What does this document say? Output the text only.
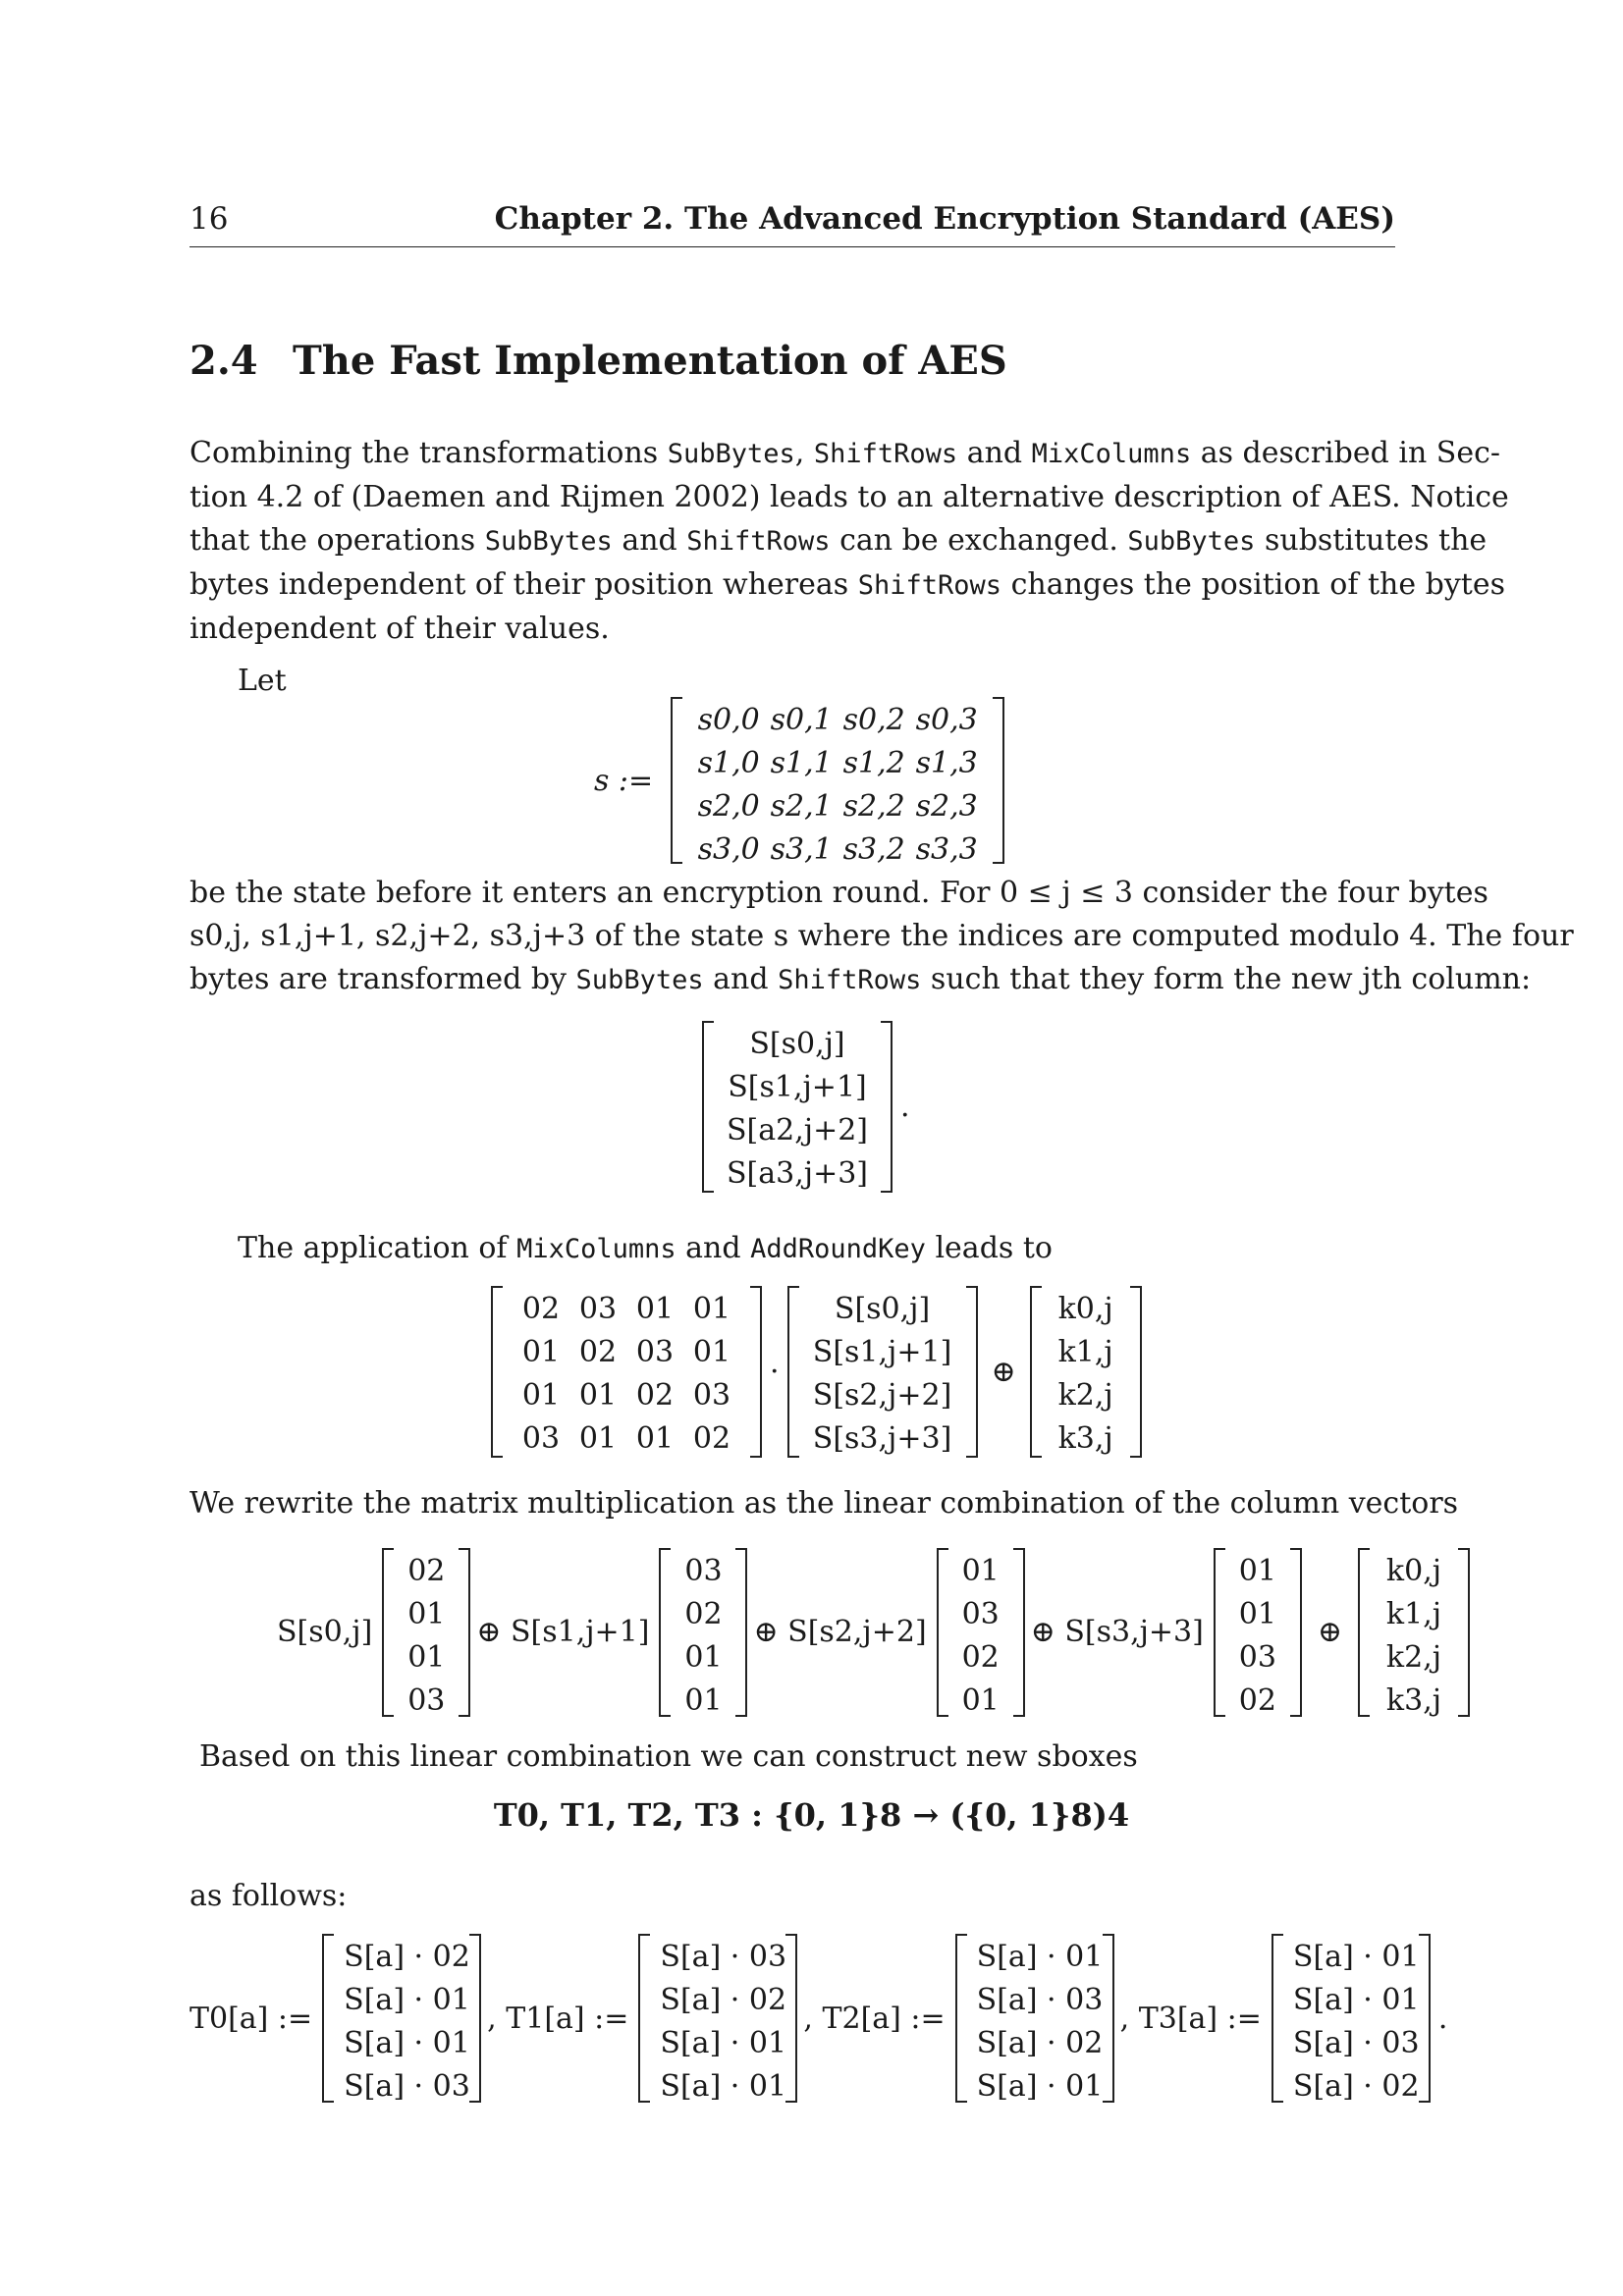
16	Chapter 2. The Advanced Encryption Standard (AES)
2.4 The Fast Implementation of AES
Combining the transformations SubBytes, ShiftRows and MixColumns as described in Sec-
tion 4.2 of (Daemen and Rijmen 2002) leads to an alternative description of AES. Notice
that the operations SubBytes and ShiftRows can be exchanged. SubBytes substitutes the
bytes independent of their position whereas ShiftRows changes the position of the bytes
independent of their values.
Let
s :=
s0,0 s0,1 s0,2 s0,3
s1,0 s1,1 s1,2 s1,3
s2,0 s2,1 s2,2 s2,3
s3,0 s3,1 s3,2 s3,3
be the state before it enters an encryption round. For 0 ≤ j ≤ 3 consider the four bytes
s0,j, s1,j+1, s2,j+2, s3,j+3 of the state s where the indices are computed modulo 4. The four
bytes are transformed by SubBytes and ShiftRows such that they form the new jth column:
S[s0,j]
S[s1,j+1]
S[a2,j+2]
S[a3,j+3]
.
The application of MixColumns and AddRoundKey leads to
02 03 01 01
01 02 03 01
01 01 02 03
03 01 01 02
·
S[s0,j]
S[s1,j+1]
S[s2,j+2]
S[s3,j+3]
⊕
k0,j
k1,j
k2,j
k3,j
We rewrite the matrix multiplication as the linear combination of the column vectors
S[s0,j]
02
01
01
03
⊕ S[s1,j+1]
03
02
01
01
⊕ S[s2,j+2]
01
03
02
01
⊕ S[s3,j+3]
01
01
03
02
⊕
k0,j
k1,j
k2,j
k3,j
Based on this linear combination we can construct new sboxes
T0, T1, T2, T3 : {0, 1}8 → ({0, 1}8)4
as follows:
T0[a] :=
S[a] · 02
S[a] · 01
S[a] · 01
S[a] · 03
, T1[a] :=
S[a] · 03
S[a] · 02
S[a] · 01
S[a] · 01
, T2[a] :=
S[a] · 01
S[a] · 03
S[a] · 02
S[a] · 01
, T3[a] :=
S[a] · 01
S[a] · 01
S[a] · 03
S[a] · 02
.
